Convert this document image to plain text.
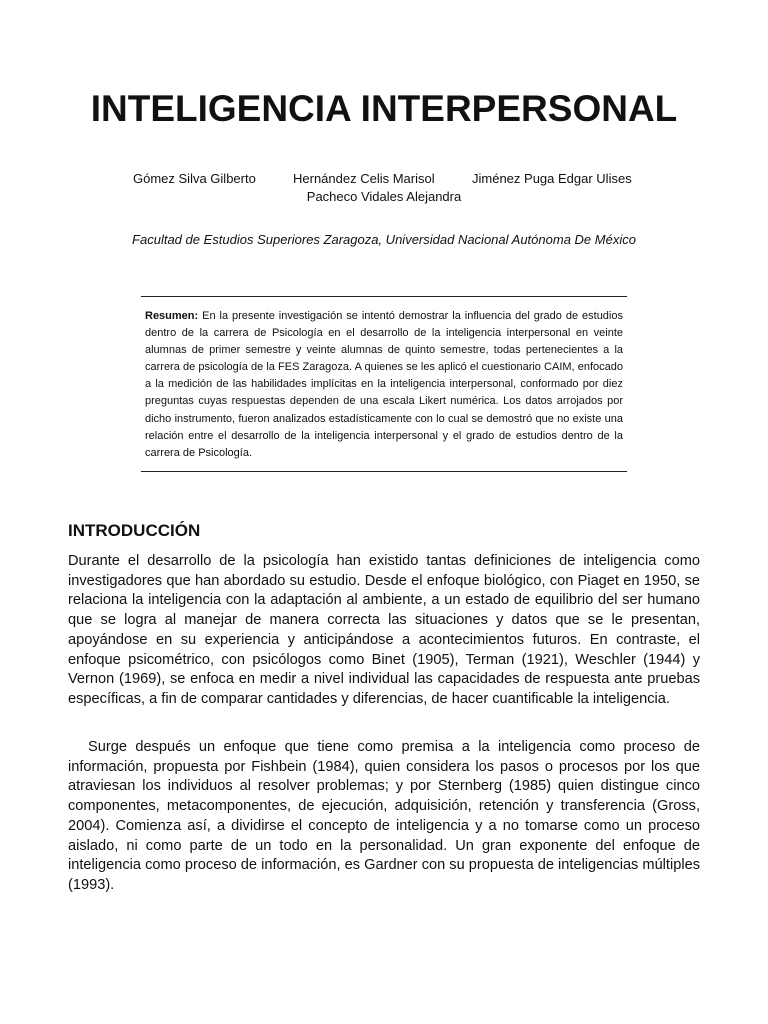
INTELIGENCIA INTERPERSONAL
Gómez Silva Gilberto	Hernández Celis Marisol	Jiménez Puga Edgar Ulises
Pacheco Vidales Alejandra
Facultad de Estudios Superiores Zaragoza, Universidad Nacional Autónoma De México

Resumen: En la presente investigación se intentó demostrar la influencia del grado de estudios dentro de la carrera de Psicología en el desarrollo de la inteligencia interpersonal en veinte alumnas de primer semestre y veinte alumnas de quinto semestre, todas pertenecientes a la carrera de psicología de la FES Zaragoza. A quienes se les aplicó el cuestionario CAIM, enfocado a la medición de las habilidades implícitas en la inteligencia interpersonal, conformado por diez preguntas cuyas respuestas dependen de una escala Likert numérica. Los datos arrojados por dicho instrumento, fueron analizados estadísticamente con lo cual se demostró que no existe una relación entre el desarrollo de la inteligencia interpersonal y el grado de estudios dentro de la carrera de Psicología.

INTRODUCCIÓN

Durante el desarrollo de la psicología han existido tantas definiciones de inteligencia como investigadores que han abordado su estudio. Desde el enfoque biológico, con Piaget en 1950, se relaciona la inteligencia con la adaptación al ambiente, a un estado de equilibrio del ser humano que se logra al manejar de manera correcta las situaciones y datos que se le presentan, apoyándose en su experiencia y anticipándose a acontecimientos futuros. En contraste, el enfoque psicométrico, con psicólogos como Binet (1905), Terman (1921), Weschler (1944) y Vernon (1969), se enfoca en medir a nivel individual las capacidades de respuesta ante pruebas específicas, a fin de comparar cantidades y diferencias, de hacer cuantificable la inteligencia.

Surge después un enfoque que tiene como premisa a la inteligencia como proceso de información, propuesta por Fishbein (1984), quien considera los pasos o procesos por los que atraviesan los individuos al resolver problemas; y por Sternberg (1985) quien distingue cinco componentes, metacomponentes, de ejecución, adquisición, retención y transferencia (Gross, 2004). Comienza así, a dividirse el concepto de inteligencia y a no tomarse como un proceso aislado, ni como parte de un todo en la personalidad. Un gran exponente del enfoque de inteligencia como proceso de información, es Gardner con su propuesta de inteligencias múltiples (1993).
